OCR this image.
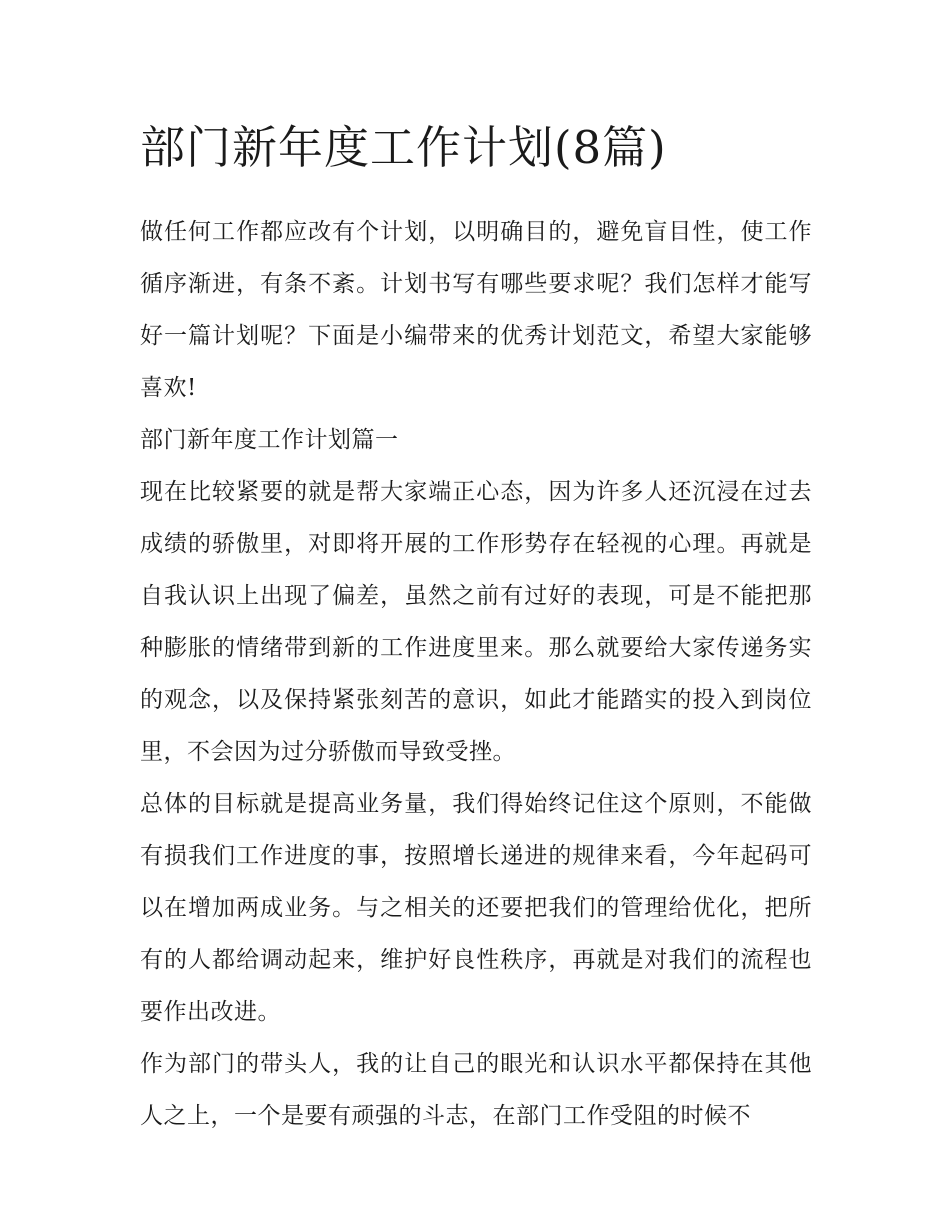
部门新年度工作计划(8篇)

做任何工作都应改有个计划，以明确目的，避免盲目性，使工作循序渐进，有条不紊。计划书写有哪些要求呢？我们怎样才能写好一篇计划呢？下面是小编带来的优秀计划范文，希望大家能够喜欢!

部门新年度工作计划篇一

现在比较紧要的就是帮大家端正心态，因为许多人还沉浸在过去成绩的骄傲里，对即将开展的工作形势存在轻视的心理。再就是自我认识上出现了偏差，虽然之前有过好的表现，可是不能把那种膨胀的情绪带到新的工作进度里来。那么就要给大家传递务实的观念，以及保持紧张刻苦的意识，如此才能踏实的投入到岗位里，不会因为过分骄傲而导致受挫。

总体的目标就是提高业务量，我们得始终记住这个原则，不能做有损我们工作进度的事，按照增长递进的规律来看，今年起码可以在增加两成业务。与之相关的还要把我们的管理给优化，把所有的人都给调动起来，维护好良性秩序，再就是对我们的流程也要作出改进。

作为部门的带头人，我的让自己的眼光和认识水平都保持在其他人之上，一个是要有顽强的斗志，在部门工作受阻的时候不
